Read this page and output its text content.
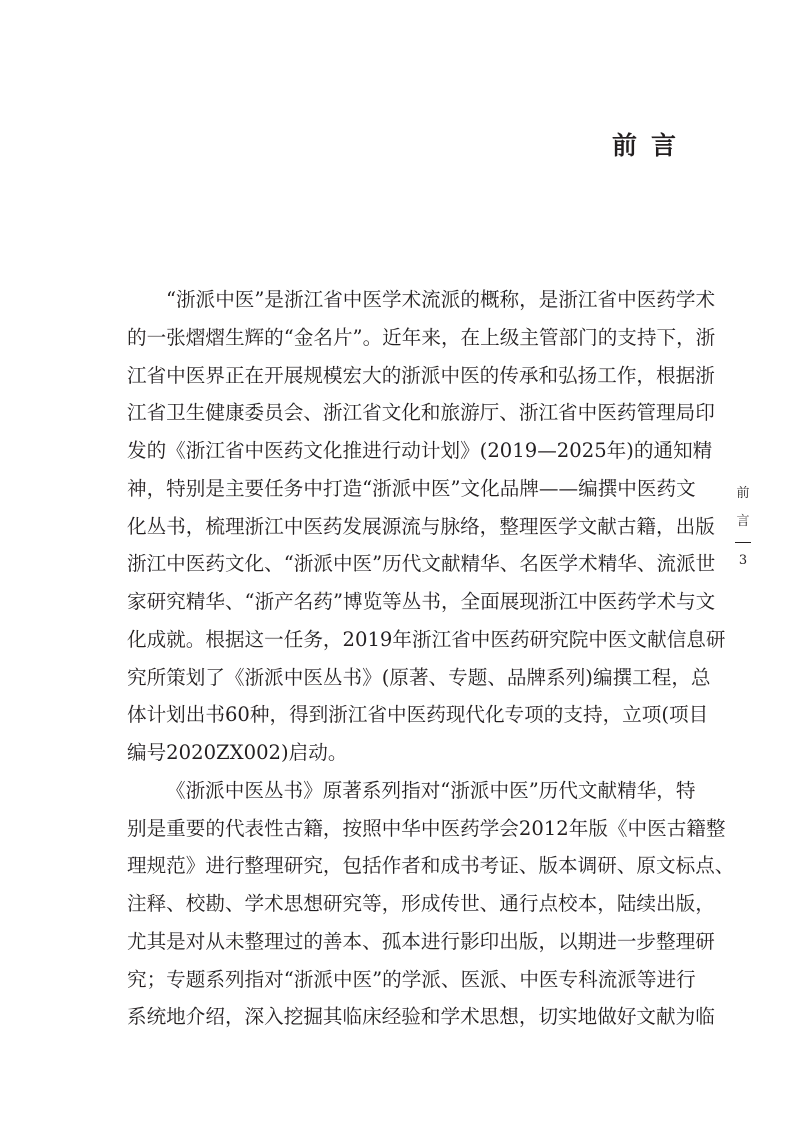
前言
“浙派中医”是浙江省中医学术流派的概称，是浙江省中医药学术
的一张熠熠生辉的“金名片”。近年来，在上级主管部门的支持下，浙
江省中医界正在开展规模宏大的浙派中医的传承和弘扬工作，根据浙
江省卫生健康委员会、浙江省文化和旅游厅、浙江省中医药管理局印
发的《浙江省中医药文化推进行动计划》(2019—2025年)的通知精
神，特别是主要任务中打造“浙派中医”文化品牌——编撰中医药文
化丛书，梳理浙江中医药发展源流与脉络，整理医学文献古籍，出版
浙江中医药文化、“浙派中医”历代文献精华、名医学术精华、流派世
家研究精华、“浙产名药”博览等丛书，全面展现浙江中医药学术与文
化成就。根据这一任务，2019年浙江省中医药研究院中医文献信息研
究所策划了《浙派中医丛书》(原著、专题、品牌系列)编撰工程，总
体计划出书60种，得到浙江省中医药现代化专项的支持，立项(项目
编号2020ZX002)启动。
《浙派中医丛书》原著系列指对“浙派中医”历代文献精华，特
别是重要的代表性古籍，按照中华中医药学会2012年版《中医古籍整
理规范》进行整理研究，包括作者和成书考证、版本调研、原文标点、
注释、校勘、学术思想研究等，形成传世、通行点校本，陆续出版，
尤其是对从未整理过的善本、孤本进行影印出版，以期进一步整理研
究；专题系列指对“浙派中医”的学派、医派、中医专科流派等进行
系统地介绍，深入挖掘其临床经验和学术思想，切实地做好文献为临
前
言
3
